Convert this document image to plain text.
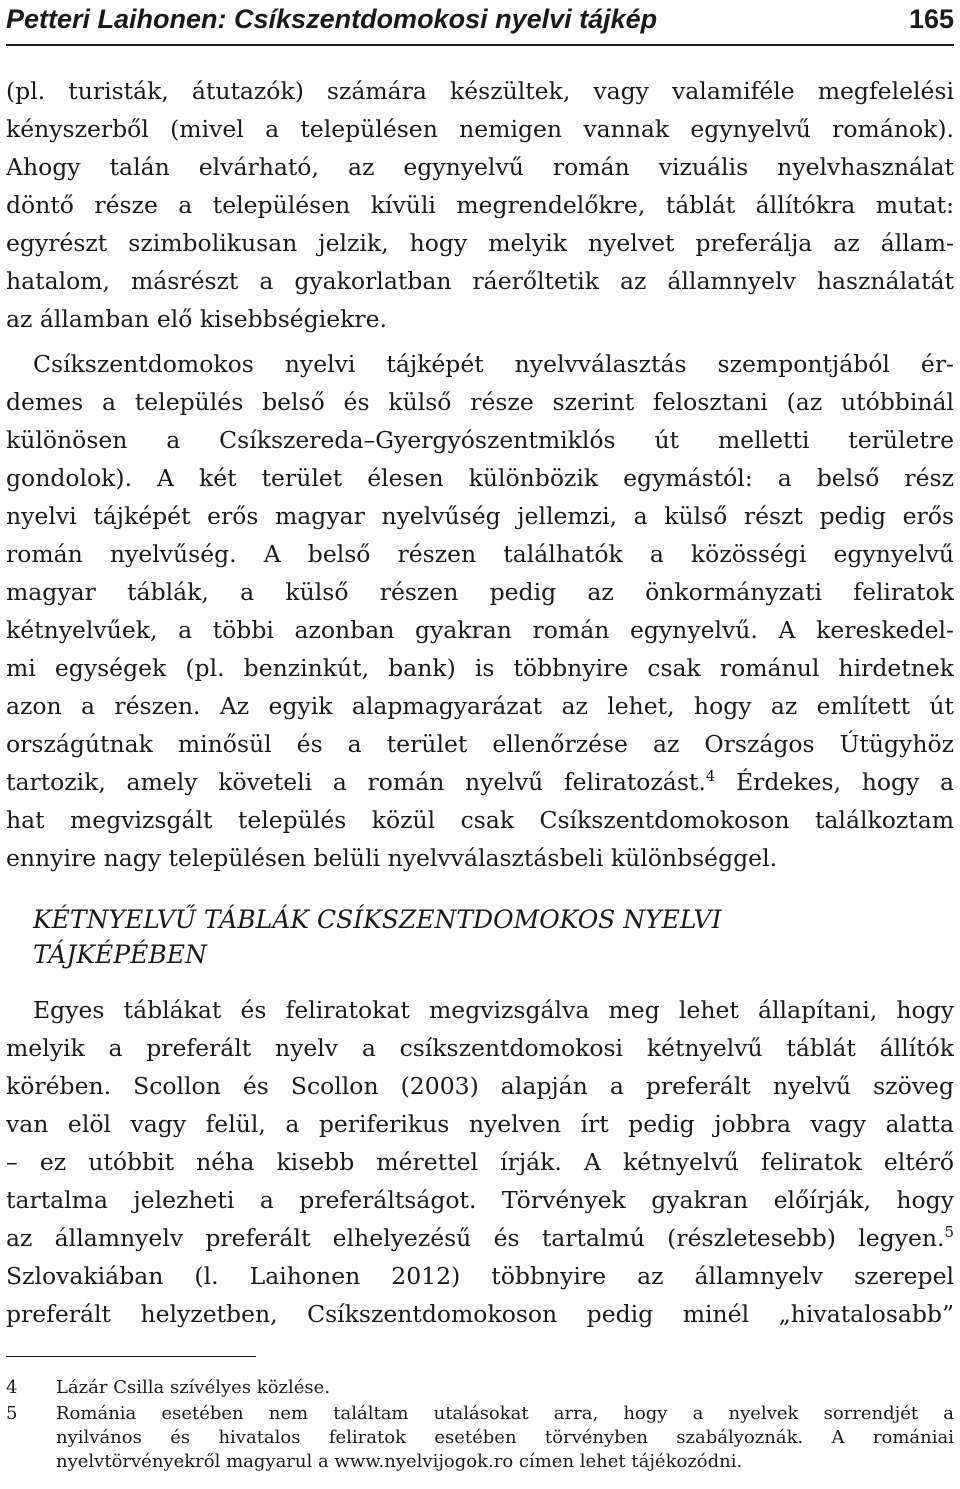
Petteri Laihonen: Csíkszentdomokosi nyelvi tájkép	165
(pl. turisták, átutazók) számára készültek, vagy valamiféle megfelelési
kényszerből (mivel a településen nemigen vannak egynyelvű románok).
Ahogy talán elvárható, az egynyelvű román vizuális nyelvhasználat
döntő része a településen kívüli megrendelőkre, táblát állítókra mutat:
egyrészt szimbolikusan jelzik, hogy melyik nyelvet preferálja az állam-
hatalom, másrészt a gyakorlatban ráerőltetik az államnyelv használatát
az államban elő kisebbségiekre.
Csíkszentdomokos nyelvi tájképét nyelvválasztás szempontjából ér-
demes a település belső és külső része szerint felosztani (az utóbbinál
különösen a Csíkszereda–Gyergyószentmiklós út melletti területre
gondolok). A két terület élesen különbözik egymástól: a belső rész
nyelvi tájképét erős magyar nyelvűség jellemzi, a külső részt pedig erős
román nyelvűség. A belső részen találhatók a közösségi egynyelvű
magyar táblák, a külső részen pedig az önkormányzati feliratok
kétnyelvűek, a többi azonban gyakran román egynyelvű. A kereskedel-
mi egységek (pl. benzinkút, bank) is többnyire csak románul hirdetnek
azon a részen. Az egyik alapmagyarázat az lehet, hogy az említett út
országútnak minősül és a terület ellenőrzése az Országos Útügyhöz
tartozik, amely követeli a román nyelvű feliratozást.$^4$ Érdekes, hogy a
hat megvizsgált település közül csak Csíkszentdomokoson találkoztam
ennyire nagy településen belüli nyelvválasztásbeli különbséggel.
KÉTNYELVŰ TÁBLÁK CSÍKSZENTDOMOKOS NYELVI
TÁJKÉPÉBEN
Egyes táblákat és feliratokat megvizsgálva meg lehet állapítani, hogy
melyik a preferált nyelv a csíkszentdomokosi kétnyelvű táblát állítók
körében. Scollon és Scollon (2003) alapján a preferált nyelvű szöveg
van elöl vagy felül, a periferikus nyelven írt pedig jobbra vagy alatta
– ez utóbbit néha kisebb mérettel írják. A kétnyelvű feliratok eltérő
tartalma jelezheti a preferáltságot. Törvények gyakran előírják, hogy
az államnyelv preferált elhelyezésű és tartalmú (részletesebb) legyen.$^5$
Szlovakiában (l. Laihonen 2012) többnyire az államnyelv szerepel
preferált helyzetben, Csíkszentdomokoson pedig minél „hivatalosabb”
4 Lázár Csilla szívélyes közlése.
5 Románia esetében nem találtam utalásokat arra, hogy a nyelvek sorrendjét a
nyilvános és hivatalos feliratok esetében törvényben szabályoznák. A romániai
nyelvtörvényekről magyarul a www.nyelvijogok.ro címen lehet tájékozódni.
